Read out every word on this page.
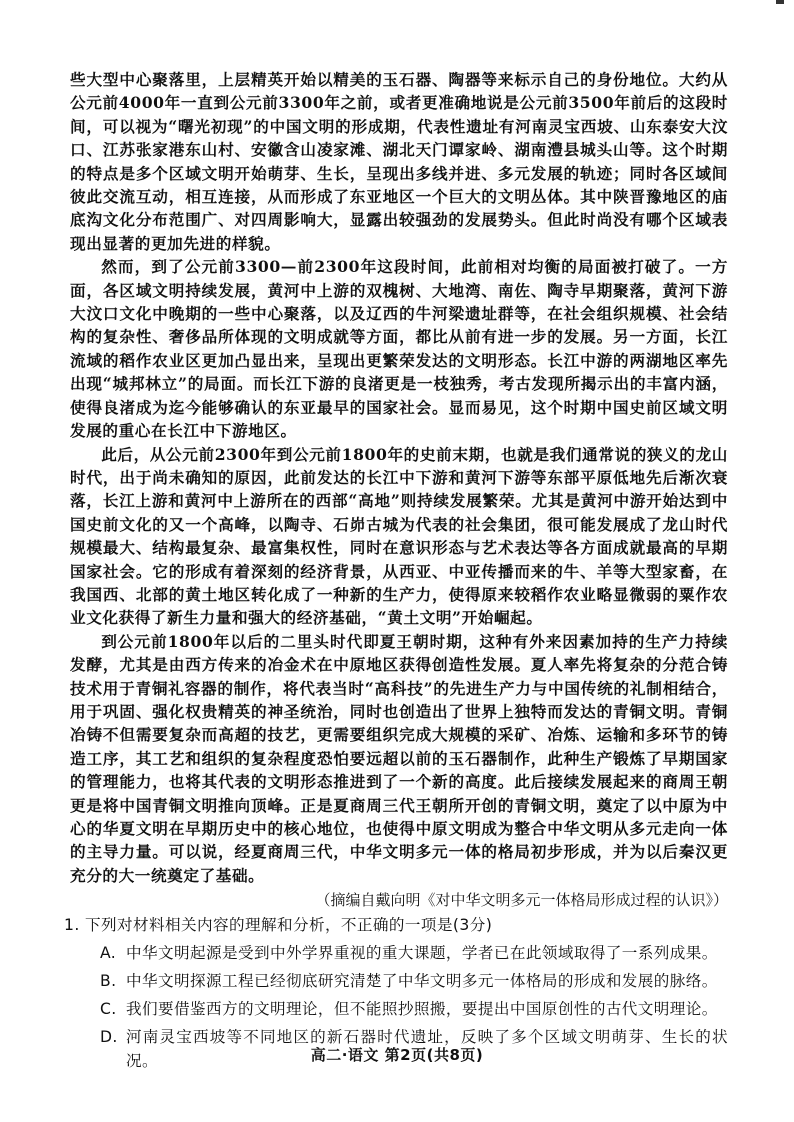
些大型中心聚落里，上层精英开始以精美的玉石器、陶器等来标示自己的身份地位。大约从公元前4000年一直到公元前3300年之前，或者更准确地说是公元前3500年前后的这段时间，可以视为“曙光初现”的中国文明的形成期，代表性遗址有河南灵宝西坡、山东泰安大汶口、江苏张家港东山村、安徽含山凌家滩、湖北天门谭家岭、湖南澧县城头山等。这个时期的特点是多个区域文明开始萌芽、生长，呈现出多线并进、多元发展的轨迹；同时各区域间彼此交流互动，相互连接，从而形成了东亚地区一个巨大的文明丛体。其中陕晋豫地区的庙底沟文化分布范围广、对四周影响大，显露出较强劲的发展势头。但此时尚没有哪个区域表现出显著的更加先进的样貌。

然而，到了公元前3300—前2300年这段时间，此前相对均衡的局面被打破了。一方面，各区域文明持续发展，黄河中上游的双槐树、大地湾、南佐、陶寺早期聚落，黄河下游大汶口文化中晚期的一些中心聚落，以及辽西的牛河梁遗址群等，在社会组织规模、社会结构的复杂性、奢侈品所体现的文明成就等方面，都比从前有进一步的发展。另一方面，长江流域的稻作农业区更加凸显出来，呈现出更繁荣发达的文明形态。长江中游的两湖地区率先出现“城邦林立”的局面。而长江下游的良渚更是一枝独秀，考古发现所揭示出的丰富内涵，使得良渚成为迄今能够确认的东亚最早的国家社会。显而易见，这个时期中国史前区域文明发展的重心在长江中下游地区。

此后，从公元前2300年到公元前1800年的史前末期，也就是我们通常说的狭义的龙山时代，出于尚未确知的原因，此前发达的长江中下游和黄河下游等东部平原低地先后渐次衰落，长江上游和黄河中上游所在的西部“高地”则持续发展繁荣。尤其是黄河中游开始达到中国史前文化的又一个高峰，以陶寺、石峁古城为代表的社会集团，很可能发展成了龙山时代规模最大、结构最复杂、最富集权性，同时在意识形态与艺术表达等各方面成就最高的早期国家社会。它的形成有着深刻的经济背景，从西亚、中亚传播而来的牛、羊等大型家畜，在我国西、北部的黄土地区转化成了一种新的生产力，使得原来较稻作农业略显微弱的粟作农业文化获得了新生力量和强大的经济基础，“黄土文明”开始崛起。

到公元前1800年以后的二里头时代即夏王朝时期，这种有外来因素加持的生产力持续发酵，尤其是由西方传来的冶金术在中原地区获得创造性发展。夏人率先将复杂的分范合铸技术用于青铜礼容器的制作，将代表当时“高科技”的先进生产力与中国传统的礼制相结合，用于巩固、强化权贵精英的神圣统治，同时也创造出了世界上独特而发达的青铜文明。青铜冶铸不但需要复杂而高超的技艺，更需要组织完成大规模的采矿、冶炼、运输和多环节的铸造工序，其工艺和组织的复杂程度恐怕要远超以前的玉石器制作，此种生产锻炼了早期国家的管理能力，也将其代表的文明形态推进到了一个新的高度。此后接续发展起来的商周王朝更是将中国青铜文明推向顶峰。正是夏商周三代王朝所开创的青铜文明，奠定了以中原为中心的华夏文明在早期历史中的核心地位，也使得中原文明成为整合中华文明从多元走向一体的主导力量。可以说，经夏商周三代，中华文明多元一体的格局初步形成，并为以后秦汉更充分的大一统奠定了基础。

（摘编自戴向明《对中华文明多元一体格局形成过程的认识》）

1. 下列对材料相关内容的理解和分析，不正确的一项是(3分)

A. 中华文明起源是受到中外学界重视的重大课题，学者已在此领域取得了一系列成果。
B. 中华文明探源工程已经彻底研究清楚了中华文明多元一体格局的形成和发展的脉络。
C. 我们要借鉴西方的文明理论，但不能照抄照搬，要提出中国原创性的古代文明理论。
D. 河南灵宝西坡等不同地区的新石器时代遗址，反映了多个区域文明萌芽、生长的状况。	高二·语文 第2页(共8页)
